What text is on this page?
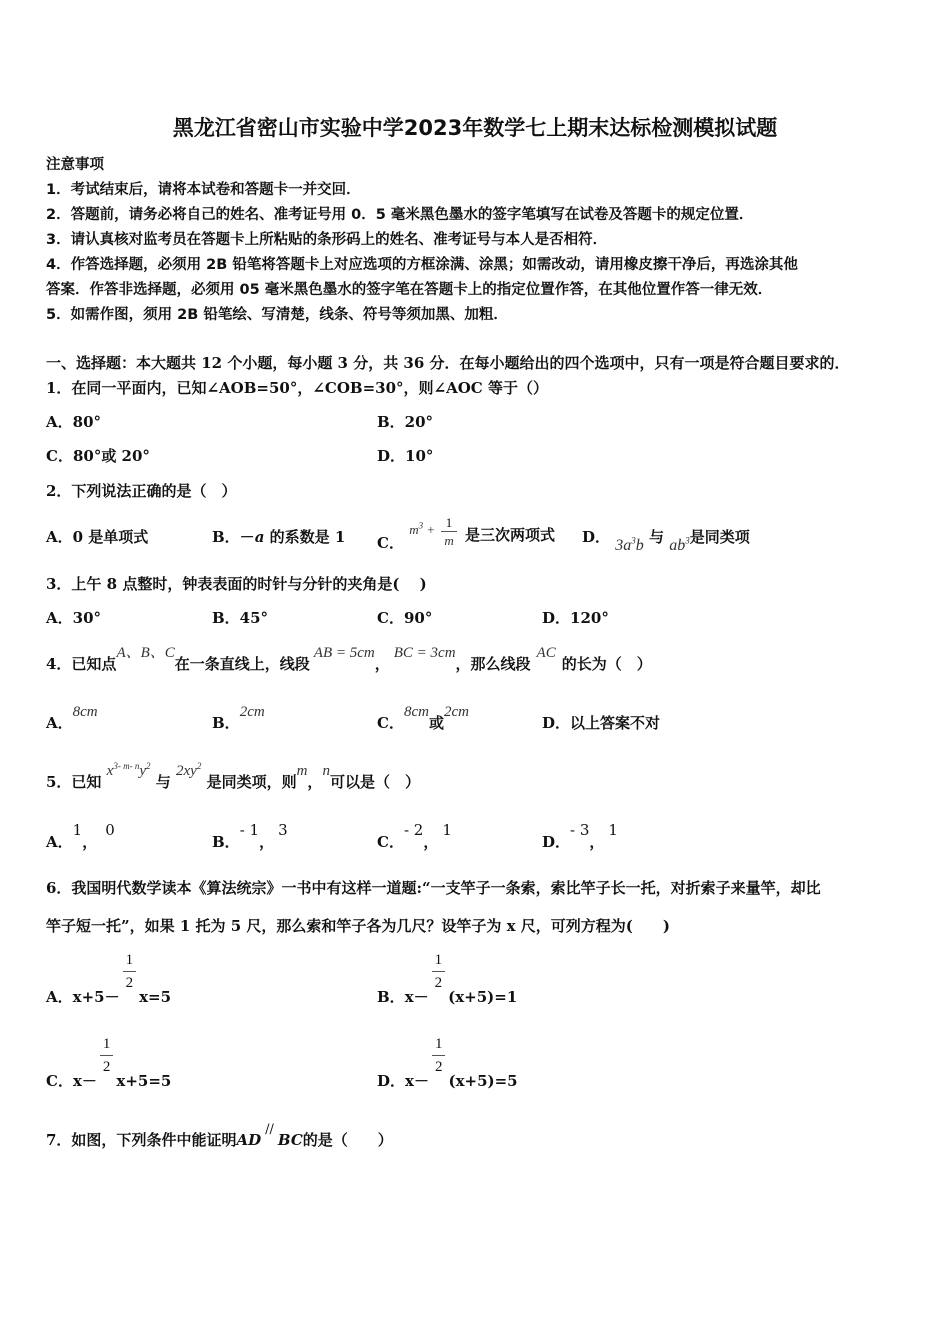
黑龙江省密山市实验中学2023年数学七上期末达标检测模拟试题
注意事项
1．考试结束后，请将本试卷和答题卡一并交回．
2．答题前，请务必将自己的姓名、准考证号用 0．5 毫米黑色墨水的签字笔填写在试卷及答题卡的规定位置．
3．请认真核对监考员在答题卡上所粘贴的条形码上的姓名、准考证号与本人是否相符．
4．作答选择题，必须用 2B 铅笔将答题卡上对应选项的方框涂满、涂黑；如需改动，请用橡皮擦干净后，再选涂其他
答案．作答非选择题，必须用 05 毫米黑色墨水的签字笔在答题卡上的指定位置作答，在其他位置作答一律无效．
5．如需作图，须用 2B 铅笔绘、写清楚，线条、符号等须加黑、加粗．
一、选择题：本大题共 12 个小题，每小题 3 分，共 36 分．在每小题给出的四个选项中，只有一项是符合题目要求的．
1．在同一平面内，已知∠AOB=50°，∠COB=30°，则∠AOC 等于（）
A．80°	B．20°
C．80°或 20°	D．10°
2．下列说法正确的是（　）
A．0 是单项式	B．－a 的系数是 1 C． $m^3 + \frac{1}{m}$ 是三次两项式 D． $3a^3b$ 与 $ab^3$是同类项
3．上午 8 点整时，钟表表面的时针与分针的夹角是(　 )
A．30°	B．45°	C．90°	D．120°
4．已知点A、B、C在一条直线上，线段AB = 5cm，BC = 3cm，那么线段AC的长为（　）
A．8cm
B．2cm
C．8cm或2cm
D．以上答案不对
5．已知 $x^{3- m- n}y^2$ 与 $2xy^2$ 是同类项，则m，n可以是（　）
A．1，0
B．- 1，3
C．- 2，1
D．- 3，1
6．我国明代数学读本《算法统宗》一书中有这样一道题:“一支竿子一条索，索比竿子长一托，对折索子来量竿，却比
竿子短一托”，如果 1 托为 5 尺，那么索和竿子各为几尺？设竿子为 x 尺，可列方程为(　　)
A．x+5－
$\frac{1}{2}$
x=5	B．x－
$\frac{1}{2}$
(x+5)=1
C．x－
$\frac{1}{2}$
x+5=5	D．x－
$\frac{1}{2}$
(x+5)=5
7．如图，下列条件中能证明AD//BC的是（　　）
